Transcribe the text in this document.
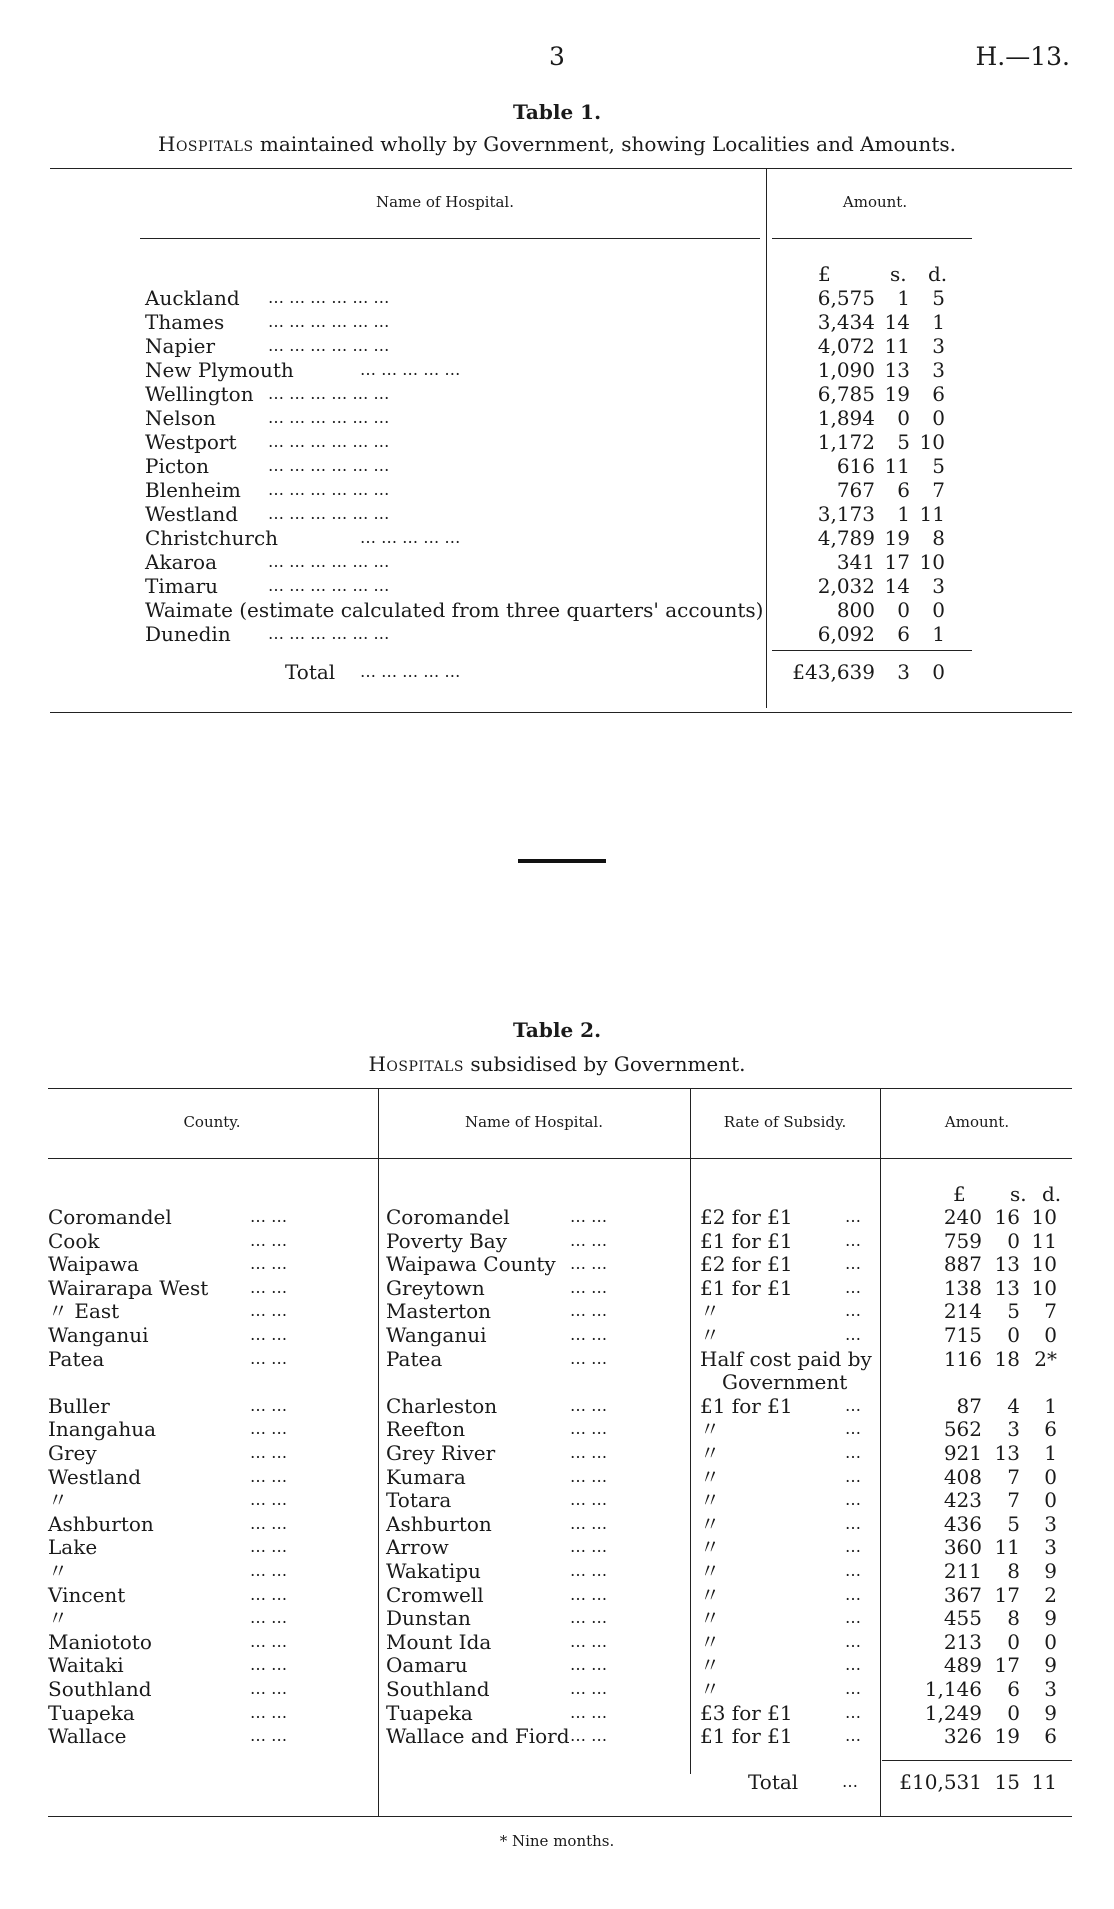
3	H.—13.
Table 1.
Hospitals maintained wholly by Government, showing Localities and Amounts.
Name of Hospital.	Amount.
£	s. d.
Auckland … … … … … …	6,575	1	5
Thames	… … … … … …	3,434 14	1
Napier	… … … … … …	4,072 11	3
New Plymouth	… … … … …	1,090 13	3
Wellington … … … … … …	6,785 19	6
Nelson	… … … … … …	1,894	0	0
Westport … … … … … …	1,172	5 10
Picton	… … … … … …	616 11	5
Blenheim … … … … … …	767	6	7
Westland … … … … … …	3,173	1 11
Christchurch	… … … … …	4,789 19	8
Akaroa	… … … … … …	341 17 10
Timaru	… … … … … …	2,032 14	3
Waimate (estimate calculated from three quarters' accounts)	800	0	0
Dunedin … … … … … …	6,092	6	1
Total … … … … …	£43,639	3	0
Table 2.
Hospitals subsidised by Government.
County.	Name of Hospital.	Rate of Subsidy.	Amount.
£ s. d.
Coromandel	… …	Coromandel	… …	£2 for £1	…	240 16 10
Cook	… …	Poverty Bay	… …	£1 for £1	…	759	0 11
Waipawa	… …	Waipawa County … …	£2 for £1	…	887 13 10
Wairarapa West	… …	Greytown	… …	£1 for £1	…	138 13 10
〃 East	… …	Masterton	… …	〃	…	214	5	7
Wanganui	… …	Wanganui	… …	〃	…	715	0	0
Patea	… …	Patea	… …	Half cost paid by	116 18 2*
Government
Buller	… …	Charleston	… …	£1 for £1	…	87	4	1
Inangahua	… …	Reefton	… …	〃	…	562	3	6
Grey	… …	Grey River	… …	〃	…	921 13	1
Westland	… …	Kumara	… …	〃	…	408	7	0
〃	… …	Totara	… …	〃	…	423	7	0
Ashburton	… …	Ashburton	… …	〃	…	436	5	3
Lake	… …	Arrow	… …	〃	…	360 11	3
〃	… …	Wakatipu	… …	〃	…	211	8	9
Vincent	… …	Cromwell	… …	〃	…	367 17	2
〃	… …	Dunstan	… …	〃	…	455	8	9
Maniototo	… …	Mount Ida	… …	〃	…	213	0	0
Waitaki	… …	Oamaru	… …	〃	…	489 17	9
Southland	… …	Southland	… …	〃	…	1,146	6	3
Tuapeka	… …	Tuapeka	… …	£3 for £1	…	1,249	0	9
Wallace	… …	Wallace and Fiord … …	£1 for £1	…	326 19	6
Total	…	£10,531 15 11
* Nine months.
